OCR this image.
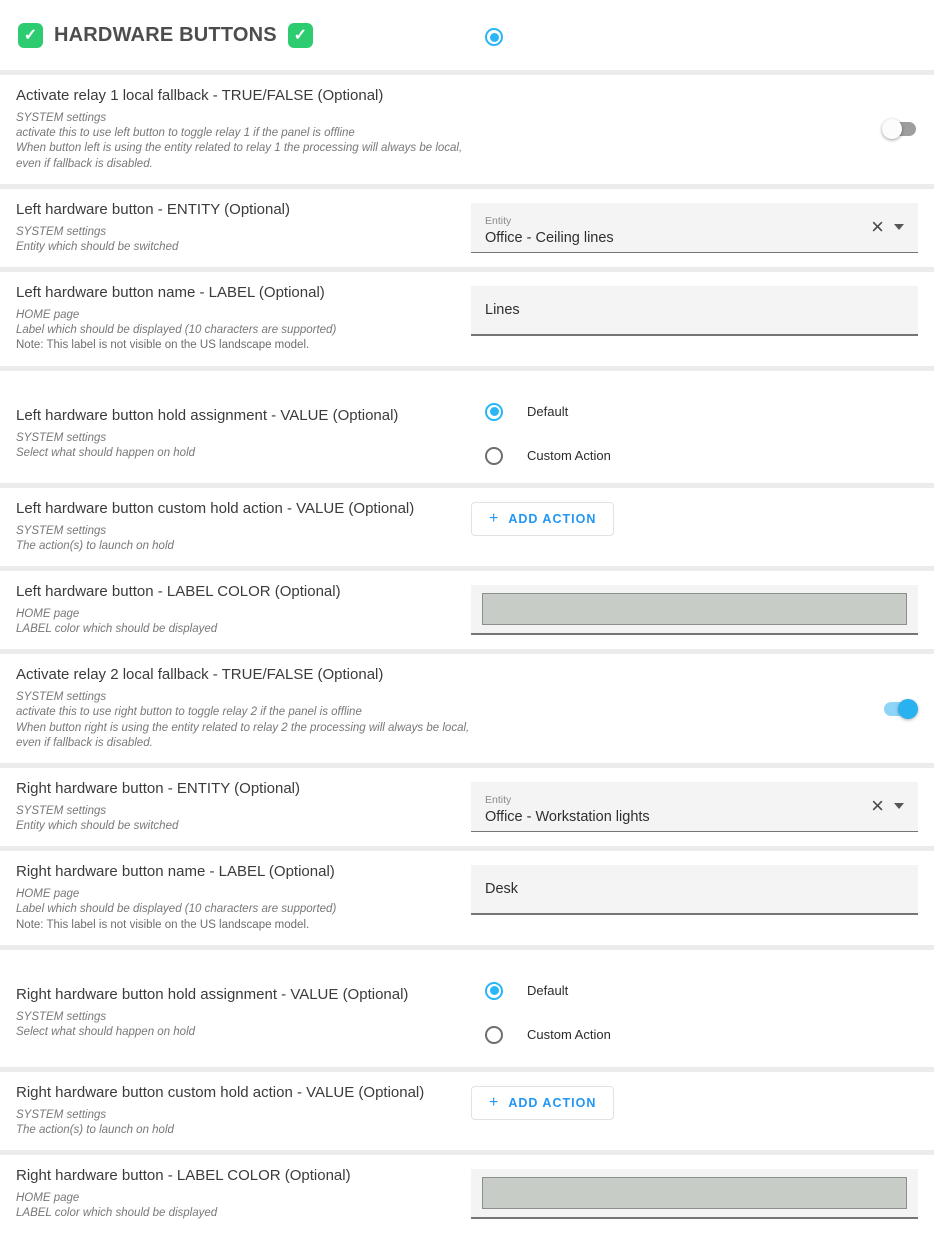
✓ HARDWARE BUTTONS ✓
Activate relay 1 local fallback - TRUE/FALSE (Optional)

SYSTEM settings

activate this to use left button to toggle relay 1 if the panel is offline

When button left is using the entity related to relay 1 the processing will always be local, even if fallback is disabled.

Left hardware button - ENTITY (Optional)

SYSTEM settings

Entity which should be switched

Entity
Office - Ceiling lines	×
Left hardware button name - LABEL (Optional)

HOME page

Label which should be displayed (10 characters are supported)

Note: This label is not visible on the US landscape model.

Lines
Left hardware button hold assignment - VALUE (Optional)

SYSTEM settings

Select what should happen on hold

Default
Custom Action
Left hardware button custom hold action - VALUE (Optional)

SYSTEM settings

The action(s) to launch on hold

+ ADD ACTION
Left hardware button - LABEL COLOR (Optional)

HOME page

LABEL color which should be displayed

Activate relay 2 local fallback - TRUE/FALSE (Optional)

SYSTEM settings

activate this to use right button to toggle relay 2 if the panel is offline

When button right is using the entity related to relay 2 the processing will always be local, even if fallback is disabled.

Right hardware button - ENTITY (Optional)

SYSTEM settings

Entity which should be switched

Entity
Office - Workstation lights	×
Right hardware button name - LABEL (Optional)

HOME page

Label which should be displayed (10 characters are supported)

Note: This label is not visible on the US landscape model.

Desk
Right hardware button hold assignment - VALUE (Optional)

SYSTEM settings

Select what should happen on hold

Default
Custom Action
Right hardware button custom hold action - VALUE (Optional)

SYSTEM settings

The action(s) to launch on hold

+ ADD ACTION
Right hardware button - LABEL COLOR (Optional)

HOME page

LABEL color which should be displayed
